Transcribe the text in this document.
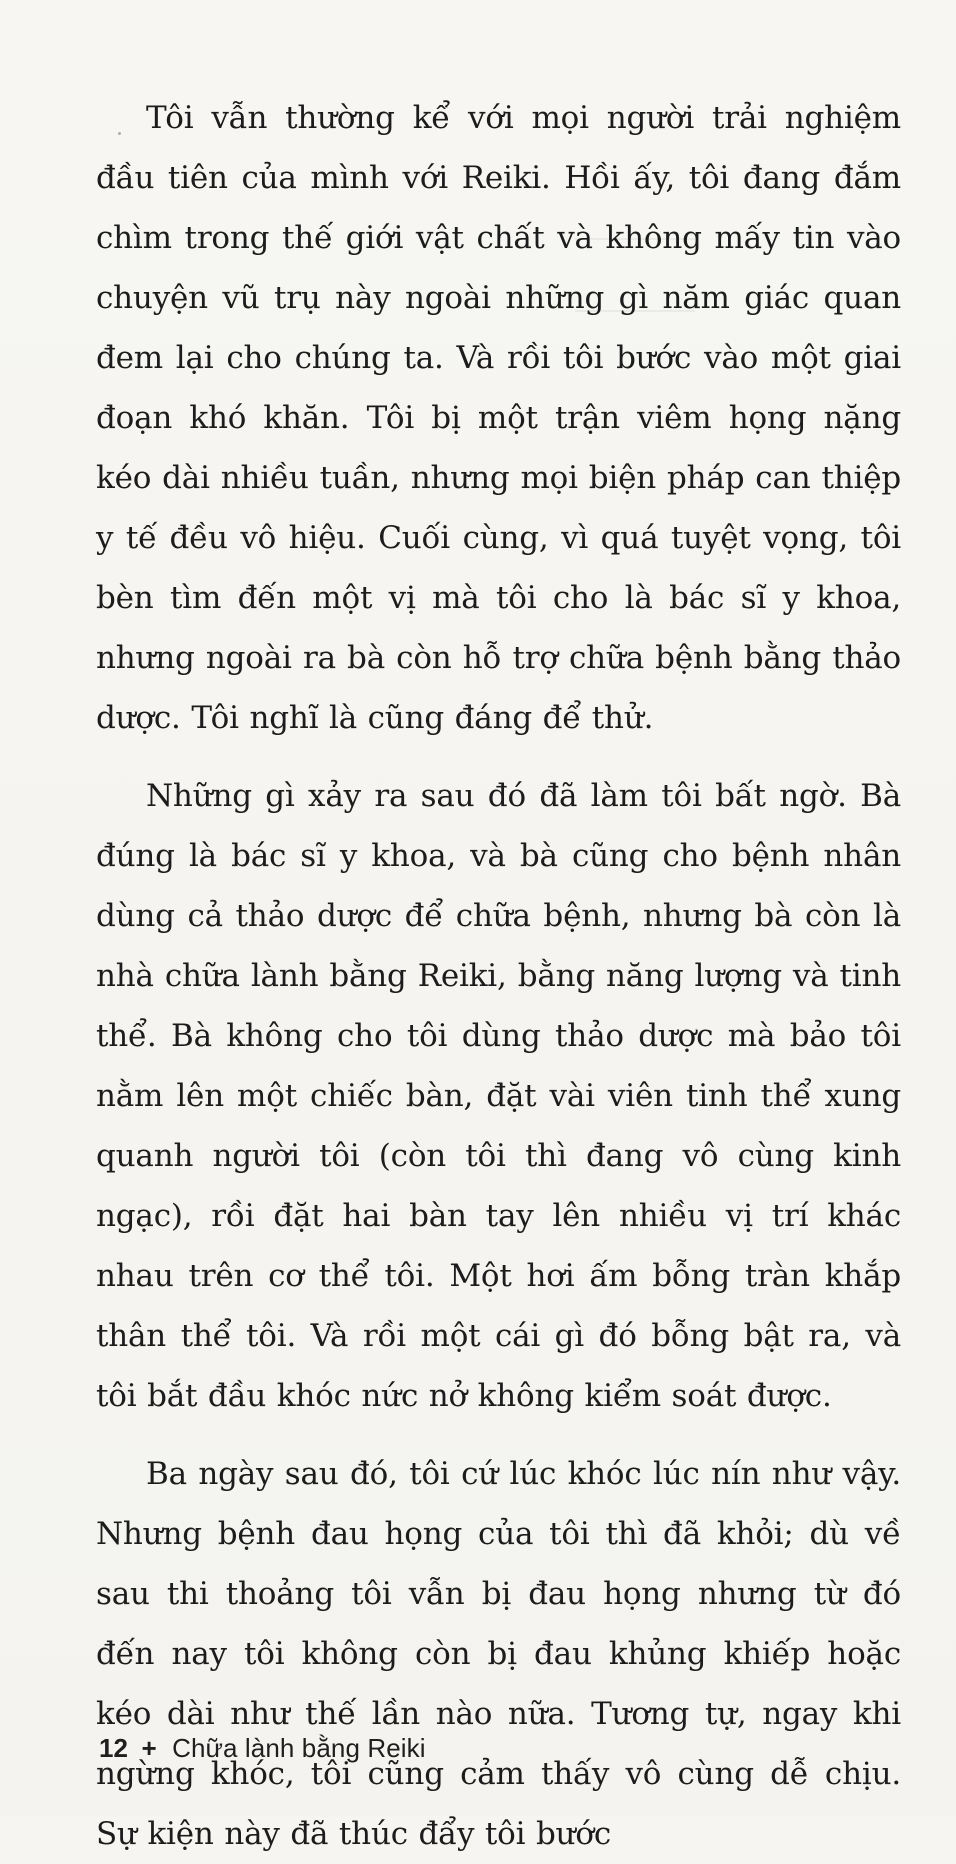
Tôi vẫn thường kể với mọi người trải nghiệm đầu tiên của mình với Reiki. Hồi ấy, tôi đang đắm chìm trong thế giới vật chất và không mấy tin vào chuyện vũ trụ này ngoài những gì năm giác quan đem lại cho chúng ta. Và rồi tôi bước vào một giai đoạn khó khăn. Tôi bị một trận viêm họng nặng kéo dài nhiều tuần, nhưng mọi biện pháp can thiệp y tế đều vô hiệu. Cuối cùng, vì quá tuyệt vọng, tôi bèn tìm đến một vị mà tôi cho là bác sĩ y khoa, nhưng ngoài ra bà còn hỗ trợ chữa bệnh bằng thảo dược. Tôi nghĩ là cũng đáng để thử.

Những gì xảy ra sau đó đã làm tôi bất ngờ. Bà đúng là bác sĩ y khoa, và bà cũng cho bệnh nhân dùng cả thảo dược để chữa bệnh, nhưng bà còn là nhà chữa lành bằng Reiki, bằng năng lượng và tinh thể. Bà không cho tôi dùng thảo dược mà bảo tôi nằm lên một chiếc bàn, đặt vài viên tinh thể xung quanh người tôi (còn tôi thì đang vô cùng kinh ngạc), rồi đặt hai bàn tay lên nhiều vị trí khác nhau trên cơ thể tôi. Một hơi ấm bỗng tràn khắp thân thể tôi. Và rồi một cái gì đó bỗng bật ra, và tôi bắt đầu khóc nức nở không kiểm soát được.

Ba ngày sau đó, tôi cứ lúc khóc lúc nín như vậy. Nhưng bệnh đau họng của tôi thì đã khỏi; dù về sau thi thoảng tôi vẫn bị đau họng nhưng từ đó đến nay tôi không còn bị đau khủng khiếp hoặc kéo dài như thế lần nào nữa. Tương tự, ngay khi ngừng khóc, tôi cũng cảm thấy vô cùng dễ chịu. Sự kiện này đã thúc đẩy tôi bước

12 + Chữa lành bằng Reiki
